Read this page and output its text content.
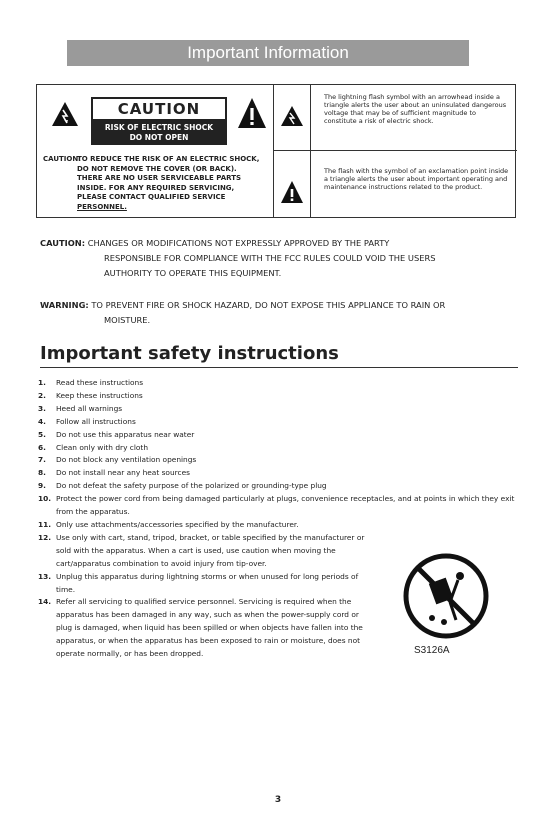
Important Information
CAUTION
RISK OF ELECTRIC SHOCK
DO NOT OPEN
CAUTION:TO REDUCE THE RISK OF AN ELECTRIC SHOCK,
DO NOT REMOVE THE COVER (OR BACK).
THERE ARE NO USER SERVICEABLE PARTS
INSIDE. FOR ANY REQUIRED SERVICING,
PLEASE CONTACT QUALIFIED SERVICE
PERSONNEL.
The lightning flash symbol with an arrowhead inside a triangle alerts the user about an uninsulated dangerous voltage that may be of sufficient magnitude to constitute a risk of electric shock.
The flash with the symbol of an exclamation point inside a triangle alerts the user about important operating and maintenance instructions related to the product.
CAUTION: CHANGES OR MODIFICATIONS NOT EXPRESSLY APPROVED BY THE PARTY
RESPONSIBLE FOR COMPLIANCE WITH THE FCC RULES COULD VOID THE USERS
AUTHORITY TO OPERATE THIS EQUIPMENT.
WARNING: TO PREVENT FIRE OR SHOCK HAZARD, DO NOT EXPOSE THIS APPLIANCE TO RAIN OR
MOISTURE.
Important safety instructions
1. Read these instructions
2. Keep these instructions
3. Heed all warnings
4. Follow all instructions
5. Do not use this apparatus near water
6. Clean only with dry cloth
7. Do not block any ventilation openings
8. Do not install near any heat sources
9. Do not defeat the safety purpose of the polarized or grounding-type plug
10. Protect the power cord from being damaged particularly at plugs, convenience receptacles, and at points in which they exit from the apparatus.
11. Only use attachments/accessories specified by the manufacturer.
12. Use only with cart, stand, tripod, bracket, or table specified by the manufacturer or sold with the apparatus. When a cart is used, use caution when moving the cart/apparatus combination to avoid injury from tip-over.
13. Unplug this apparatus during lightning storms or when unused for long periods of time.
14. Refer all servicing to qualified service personnel. Servicing is required when the apparatus has been damaged in any way, such as when the power-supply cord or plug is damaged, when liquid has been spilled or when objects have fallen into the apparatus, or when the apparatus has been exposed to rain or moisture, does not operate normally, or has been dropped.	S3126A
3
